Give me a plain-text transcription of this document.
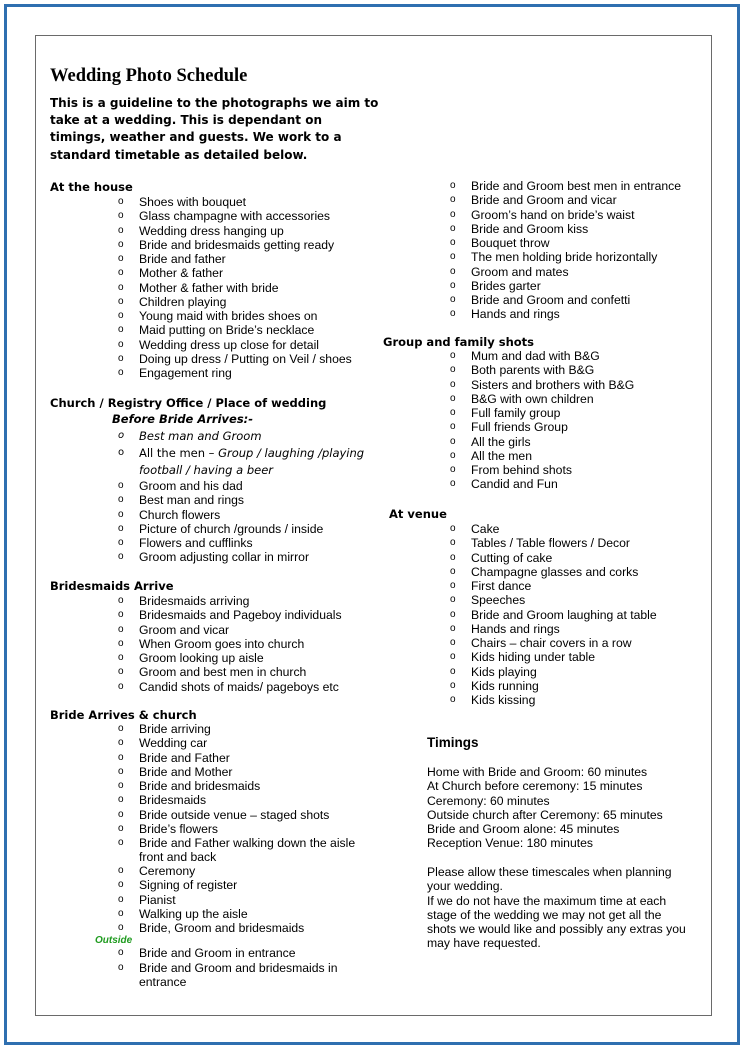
Wedding Photo Schedule
This is a guideline to the photographs we aim to take at a wedding. This is dependant on timings, weather and guests. We work to a standard timetable as detailed below.
At the house
o Shoes with bouquet
o Glass champagne with accessories
o Wedding dress hanging up
o Bride and bridesmaids getting ready
o Bride and father
o Mother & father
o Mother & father with bride
o Children playing
o Young maid with brides shoes on
o Maid putting on Bride’s necklace
o Wedding dress up close for detail
o Doing up dress / Putting on Veil / shoes
o Engagement ring
Church / Registry Office / Place of wedding
Before Bride Arrives:-
o Best man and Groom
o All the men – Group / laughing /playing
football / having a beer
o Groom and his dad
o Best man and rings
o Church flowers
o Picture of church /grounds / inside
o Flowers and cufflinks
o Groom adjusting collar in mirror
Bridesmaids Arrive
o Bridesmaids arriving
o Bridesmaids and Pageboy individuals
o Groom and vicar
o When Groom goes into church
o Groom looking up aisle
o Groom and best men in church
o Candid shots of maids/ pageboys etc
Bride Arrives & church
o Bride arriving
o Wedding car
o Bride and Father
o Bride and Mother
o Bride and bridesmaids
o Bridesmaids
o Bride outside venue – staged shots
o Bride’s flowers
o Bride and Father walking down the aisle
front and back
o Ceremony
o Signing of register
o Pianist
o Walking up the aisle
o Bride, Groom and bridesmaids
Outside
o Bride and Groom in entrance
o Bride and Groom and bridesmaids in
entrance
o Bride and Groom best men in entrance
o Bride and Groom and vicar
o Groom’s hand on bride’s waist
o Bride and Groom kiss
o Bouquet throw
o The men holding bride horizontally
o Groom and mates
o Brides garter
o Bride and Groom and confetti
o Hands and rings
Group and family shots
o Mum and dad with B&G
o Both parents with B&G
o Sisters and brothers with B&G
o B&G with own children
o Full family group
o Full friends Group
o All the girls
o All the men
o From behind shots
o Candid and Fun
At venue
o Cake
o Tables / Table flowers / Decor
o Cutting of cake
o Champagne glasses and corks
o First dance
o Speeches
o Bride and Groom laughing at table
o Hands and rings
o Chairs – chair covers in a row
o Kids hiding under table
o Kids playing
o Kids running
o Kids kissing
Timings
Home with Bride and Groom: 60 minutes
At Church before ceremony: 15 minutes
Ceremony: 60 minutes
Outside church after Ceremony: 65 minutes
Bride and Groom alone: 45 minutes
Reception Venue: 180 minutes
Please allow these timescales when planning
your wedding.
If we do not have the maximum time at each
stage of the wedding we may not get all the
shots we would like and possibly any extras you
may have requested.
